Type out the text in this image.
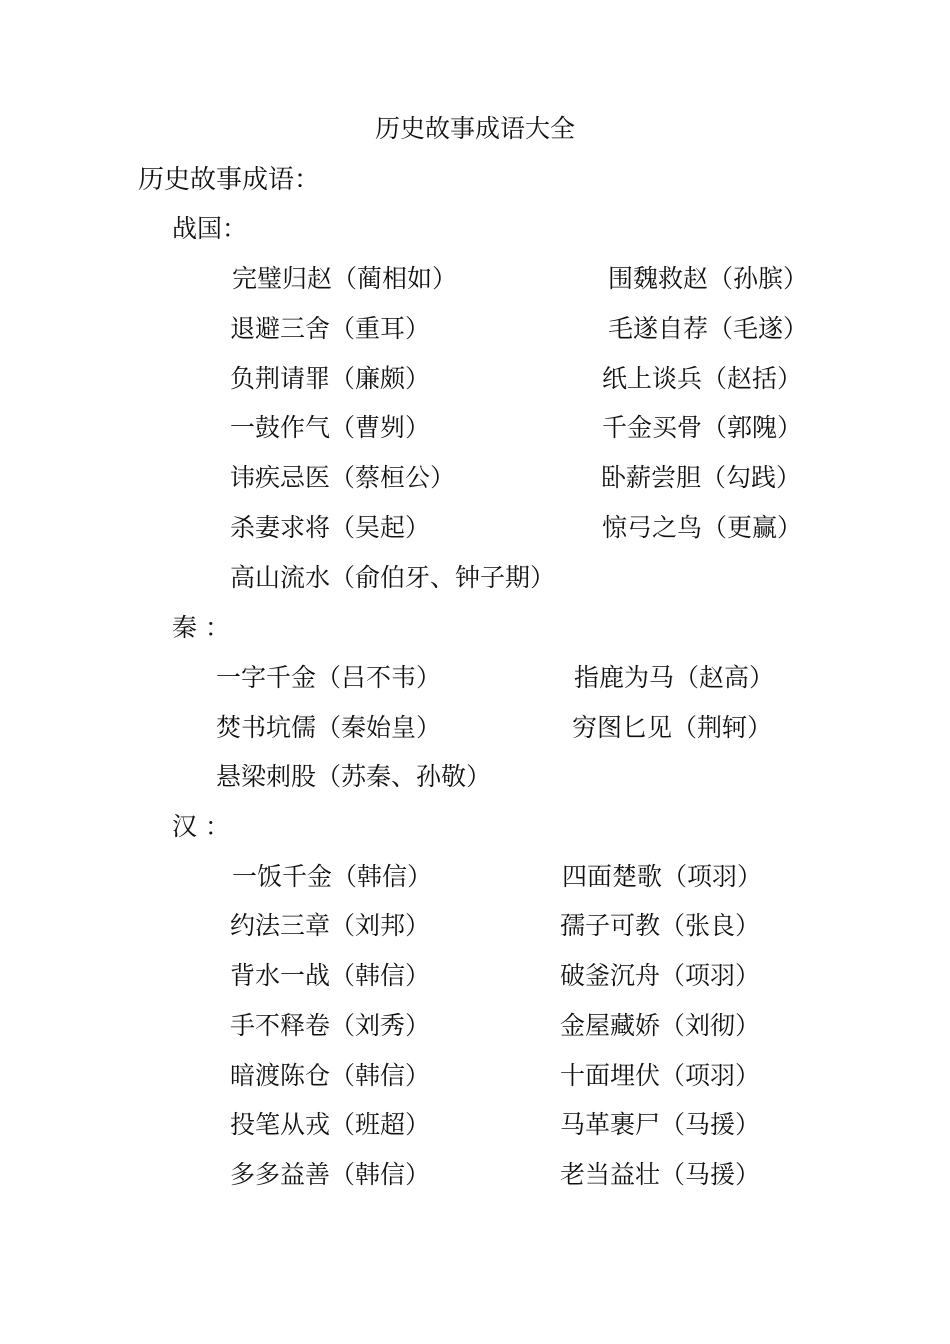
历史故事成语大全
历史故事成语：
战国：
完璧归赵（蔺相如）	围魏救赵（孙膑）
退避三舍（重耳）	毛遂自荐（毛遂）
负荆请罪（廉颇）	纸上谈兵（赵括）
一鼓作气（曹刿）	千金买骨（郭隗）
讳疾忌医（蔡桓公）	卧薪尝胆（勾践）
杀妻求将（吴起）	惊弓之鸟（更赢）
高山流水（俞伯牙、钟子期）
秦 ：
一字千金（吕不韦）	指鹿为马（赵高）
焚书坑儒（秦始皇）	穷图匕见（荆轲）
悬梁刺股（苏秦、孙敬）
汉 ：
一饭千金（韩信）	四面楚歌（项羽）
约法三章（刘邦）	孺子可教（张良）
背水一战（韩信）	破釜沉舟（项羽）
手不释卷（刘秀）	金屋藏娇（刘彻）
暗渡陈仓（韩信）	十面埋伏（项羽）
投笔从戎（班超）	马革裹尸（马援）
多多益善（韩信）	老当益壮（马援）
